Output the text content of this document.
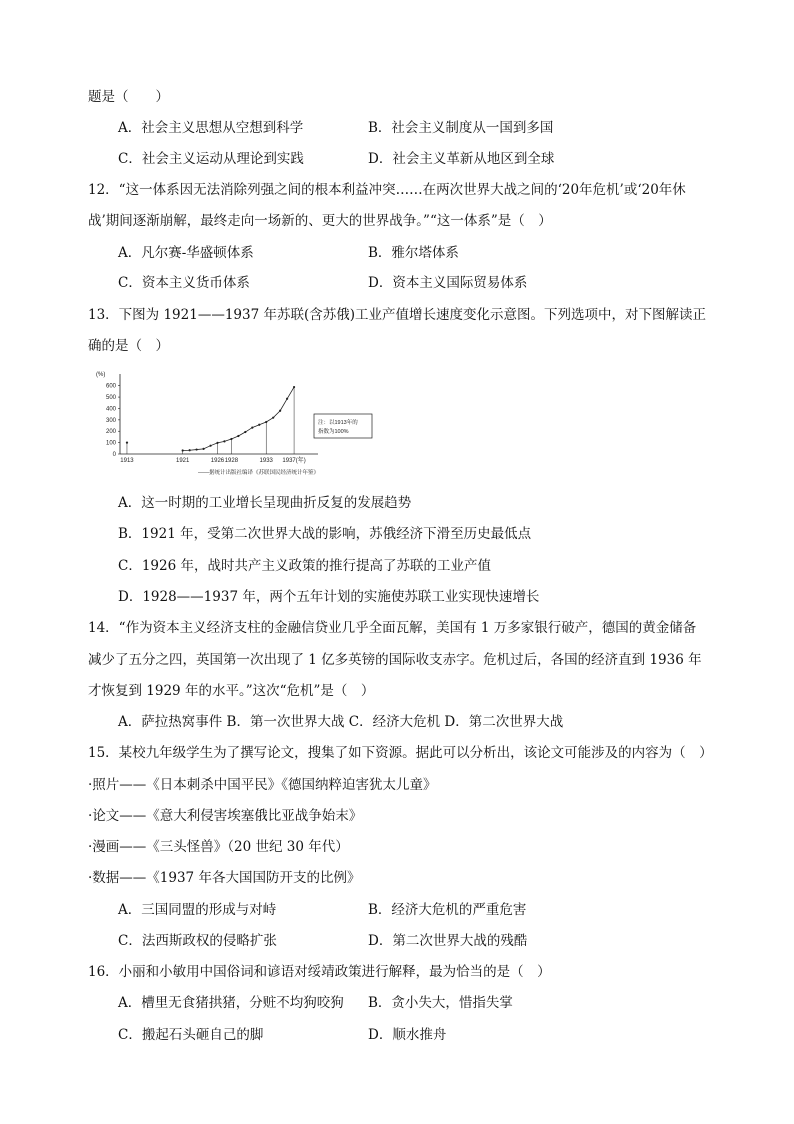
题是（　　）
A．社会主义思想从空想到科学	B．社会主义制度从一国到多国
C．社会主义运动从理论到实践	D．社会主义革新从地区到全球
12．“这一体系因无法消除列强之间的根本利益冲突……在两次世界大战之间的‘20年危机’或‘20年休
战’期间逐渐崩解，最终走向一场新的、更大的世界战争。”“这一体系”是（　）
A．凡尔赛-华盛顿体系	B．雅尔塔体系
C．资本主义货币体系	D．资本主义国际贸易体系
13．下图为 1921——1937 年苏联(含苏俄)工业产值增长速度变化示意图。下列选项中，对下图解读正
确的是（　）
(%)
0
100
200
300
400
500
600
1913	1921	1926 1928	1933 1937(年)
注：以1913年的
指数为100%
——据统计出版社编译《苏联国民经济统计年鉴》
A．这一时期的工业增长呈现曲折反复的发展趋势
B．1921 年，受第二次世界大战的影响，苏俄经济下滑至历史最低点
C．1926 年，战时共产主义政策的推行提高了苏联的工业产值
D．1928——1937 年，两个五年计划的实施使苏联工业实现快速增长
14．“作为资本主义经济支柱的金融信贷业几乎全面瓦解，美国有 1 万多家银行破产，德国的黄金储备
减少了五分之四，英国第一次出现了 1 亿多英镑的国际收支赤字。危机过后，各国的经济直到 1936 年
才恢复到 1929 年的水平。”这次“危机”是（　）
A．萨拉热窝事件 B．第一次世界大战 C．经济大危机 D．第二次世界大战
15．某校九年级学生为了撰写论文，搜集了如下资源。据此可以分析出，该论文可能涉及的内容为（　）
·照片——《日本刺杀中国平民》《德国纳粹迫害犹太儿童》
·论文——《意大利侵害埃塞俄比亚战争始末》
·漫画——《三头怪兽》（20 世纪 30 年代）
·数据——《1937 年各大国国防开支的比例》
A．三国同盟的形成与对峙	B．经济大危机的严重危害
C．法西斯政权的侵略扩张	D．第二次世界大战的残酷
16．小丽和小敏用中国俗词和谚语对绥靖政策进行解释，最为恰当的是（　）
A．槽里无食猪拱猪，分赃不均狗咬狗 B．贪小失大，惜指失掌
C．搬起石头砸自己的脚	D．顺水推舟
